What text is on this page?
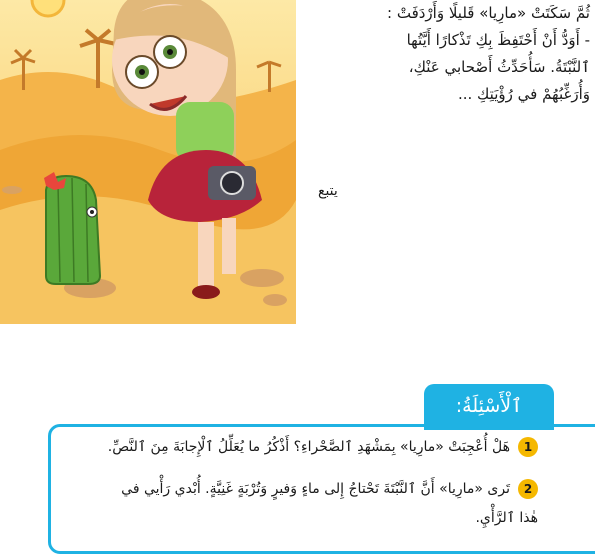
ثُمَّ سَكَتَتْ «مارِيا» قَليلًا وَأَرْدَفَتْ :
- أَوَدُّ أَنْ أَحْتَفِظَ بِكِ تَذْكارًا أَيَّتُها
ٱلنَّبْتَةُ. سَأُحَدِّثُ أَصْحابي عَنْكِ،
وَأُرَغِّبُهُمْ في رُؤْيَتِكِ ...
يتبع
ٱلْأَسْئِلَةُ:
1هَلْ أُعْجِبَتْ «مارِيا» بِمَشْهَدِ ٱلصَّحْراءِ؟ أَذْكُرُ ما يُعَلِّلُ ٱلْإِجابَةَ مِنَ ٱلنَّصِّ.
2تَرى «مارِيا» أَنَّ ٱلنَّبْتَةَ تَحْتاجُ إِلى ماءٍ وَفيرٍ وَتُرْبَةٍ غَنِيَّةٍ. أُبْدي رَأْيي في
هٰذا ٱلرَّأْيِ.
